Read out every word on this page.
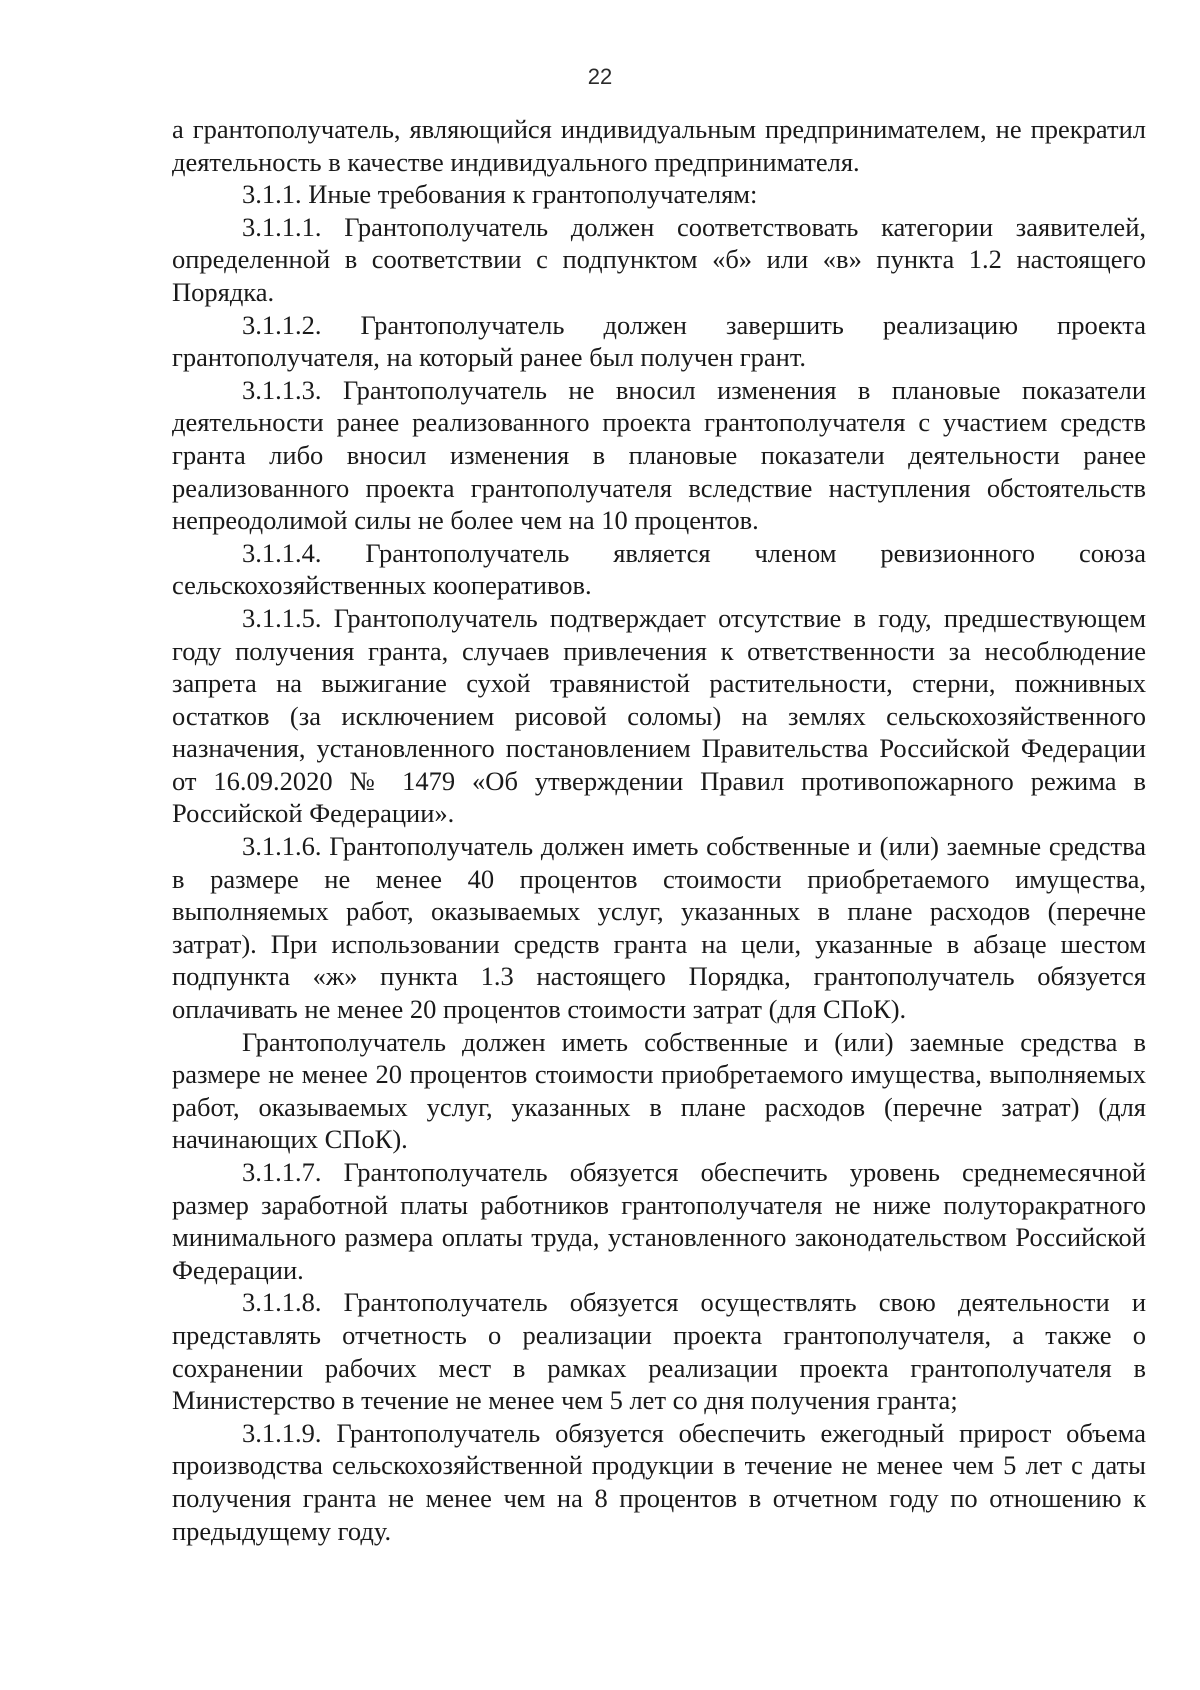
22

а грантополучатель, являющийся индивидуальным предпринимателем, не прекратил деятельность в качестве индивидуального предпринимателя.

3.1.1. Иные требования к грантополучателям:

3.1.1.1. Грантополучатель должен соответствовать категории заявителей, определенной в соответствии с подпунктом «б» или «в» пункта 1.2 настоящего Порядка.

3.1.1.2. Грантополучатель должен завершить реализацию проекта грантополучателя, на который ранее был получен грант.

3.1.1.3. Грантополучатель не вносил изменения в плановые показатели деятельности ранее реализованного проекта грантополучателя с участием средств гранта либо вносил изменения в плановые показатели деятельности ранее реализованного проекта грантополучателя вследствие наступления обстоятельств непреодолимой силы не более чем на 10 процентов.

3.1.1.4. Грантополучатель является членом ревизионного союза сельскохозяйственных кооперативов.

3.1.1.5. Грантополучатель подтверждает отсутствие в году, предшествующем году получения гранта, случаев привлечения к ответственности за несоблюдение запрета на выжигание сухой травянистой растительности, стерни, пожнивных остатков (за исключением рисовой соломы) на землях сельскохозяйственного назначения, установленного постановлением Правительства Российской Федерации от 16.09.2020 № 1479 «Об утверждении Правил противопожарного режима в Российской Федерации».

3.1.1.6. Грантополучатель должен иметь собственные и (или) заемные средства в размере не менее 40 процентов стоимости приобретаемого имущества, выполняемых работ, оказываемых услуг, указанных в плане расходов (перечне затрат). При использовании средств гранта на цели, указанные в абзаце шестом подпункта «ж» пункта 1.3 настоящего Порядка, грантополучатель обязуется оплачивать не менее 20 процентов стоимости затрат (для СПоК).

Грантополучатель должен иметь собственные и (или) заемные средства в размере не менее 20 процентов стоимости приобретаемого имущества, выполняемых работ, оказываемых услуг, указанных в плане расходов (перечне затрат) (для начинающих СПоК).

3.1.1.7. Грантополучатель обязуется обеспечить уровень среднемесячной размер заработной платы работников грантополучателя не ниже полуторакратного минимального размера оплаты труда, установленного законодательством Российской Федерации.

3.1.1.8. Грантополучатель обязуется осуществлять свою деятельности и представлять отчетность о реализации проекта грантополучателя, а также о сохранении рабочих мест в рамках реализации проекта грантополучателя в Министерство в течение не менее чем 5 лет со дня получения гранта;

3.1.1.9. Грантополучатель обязуется обеспечить ежегодный прирост объема производства сельскохозяйственной продукции в течение не менее чем 5 лет с даты получения гранта не менее чем на 8 процентов в отчетном году по отношению к предыдущему году.
